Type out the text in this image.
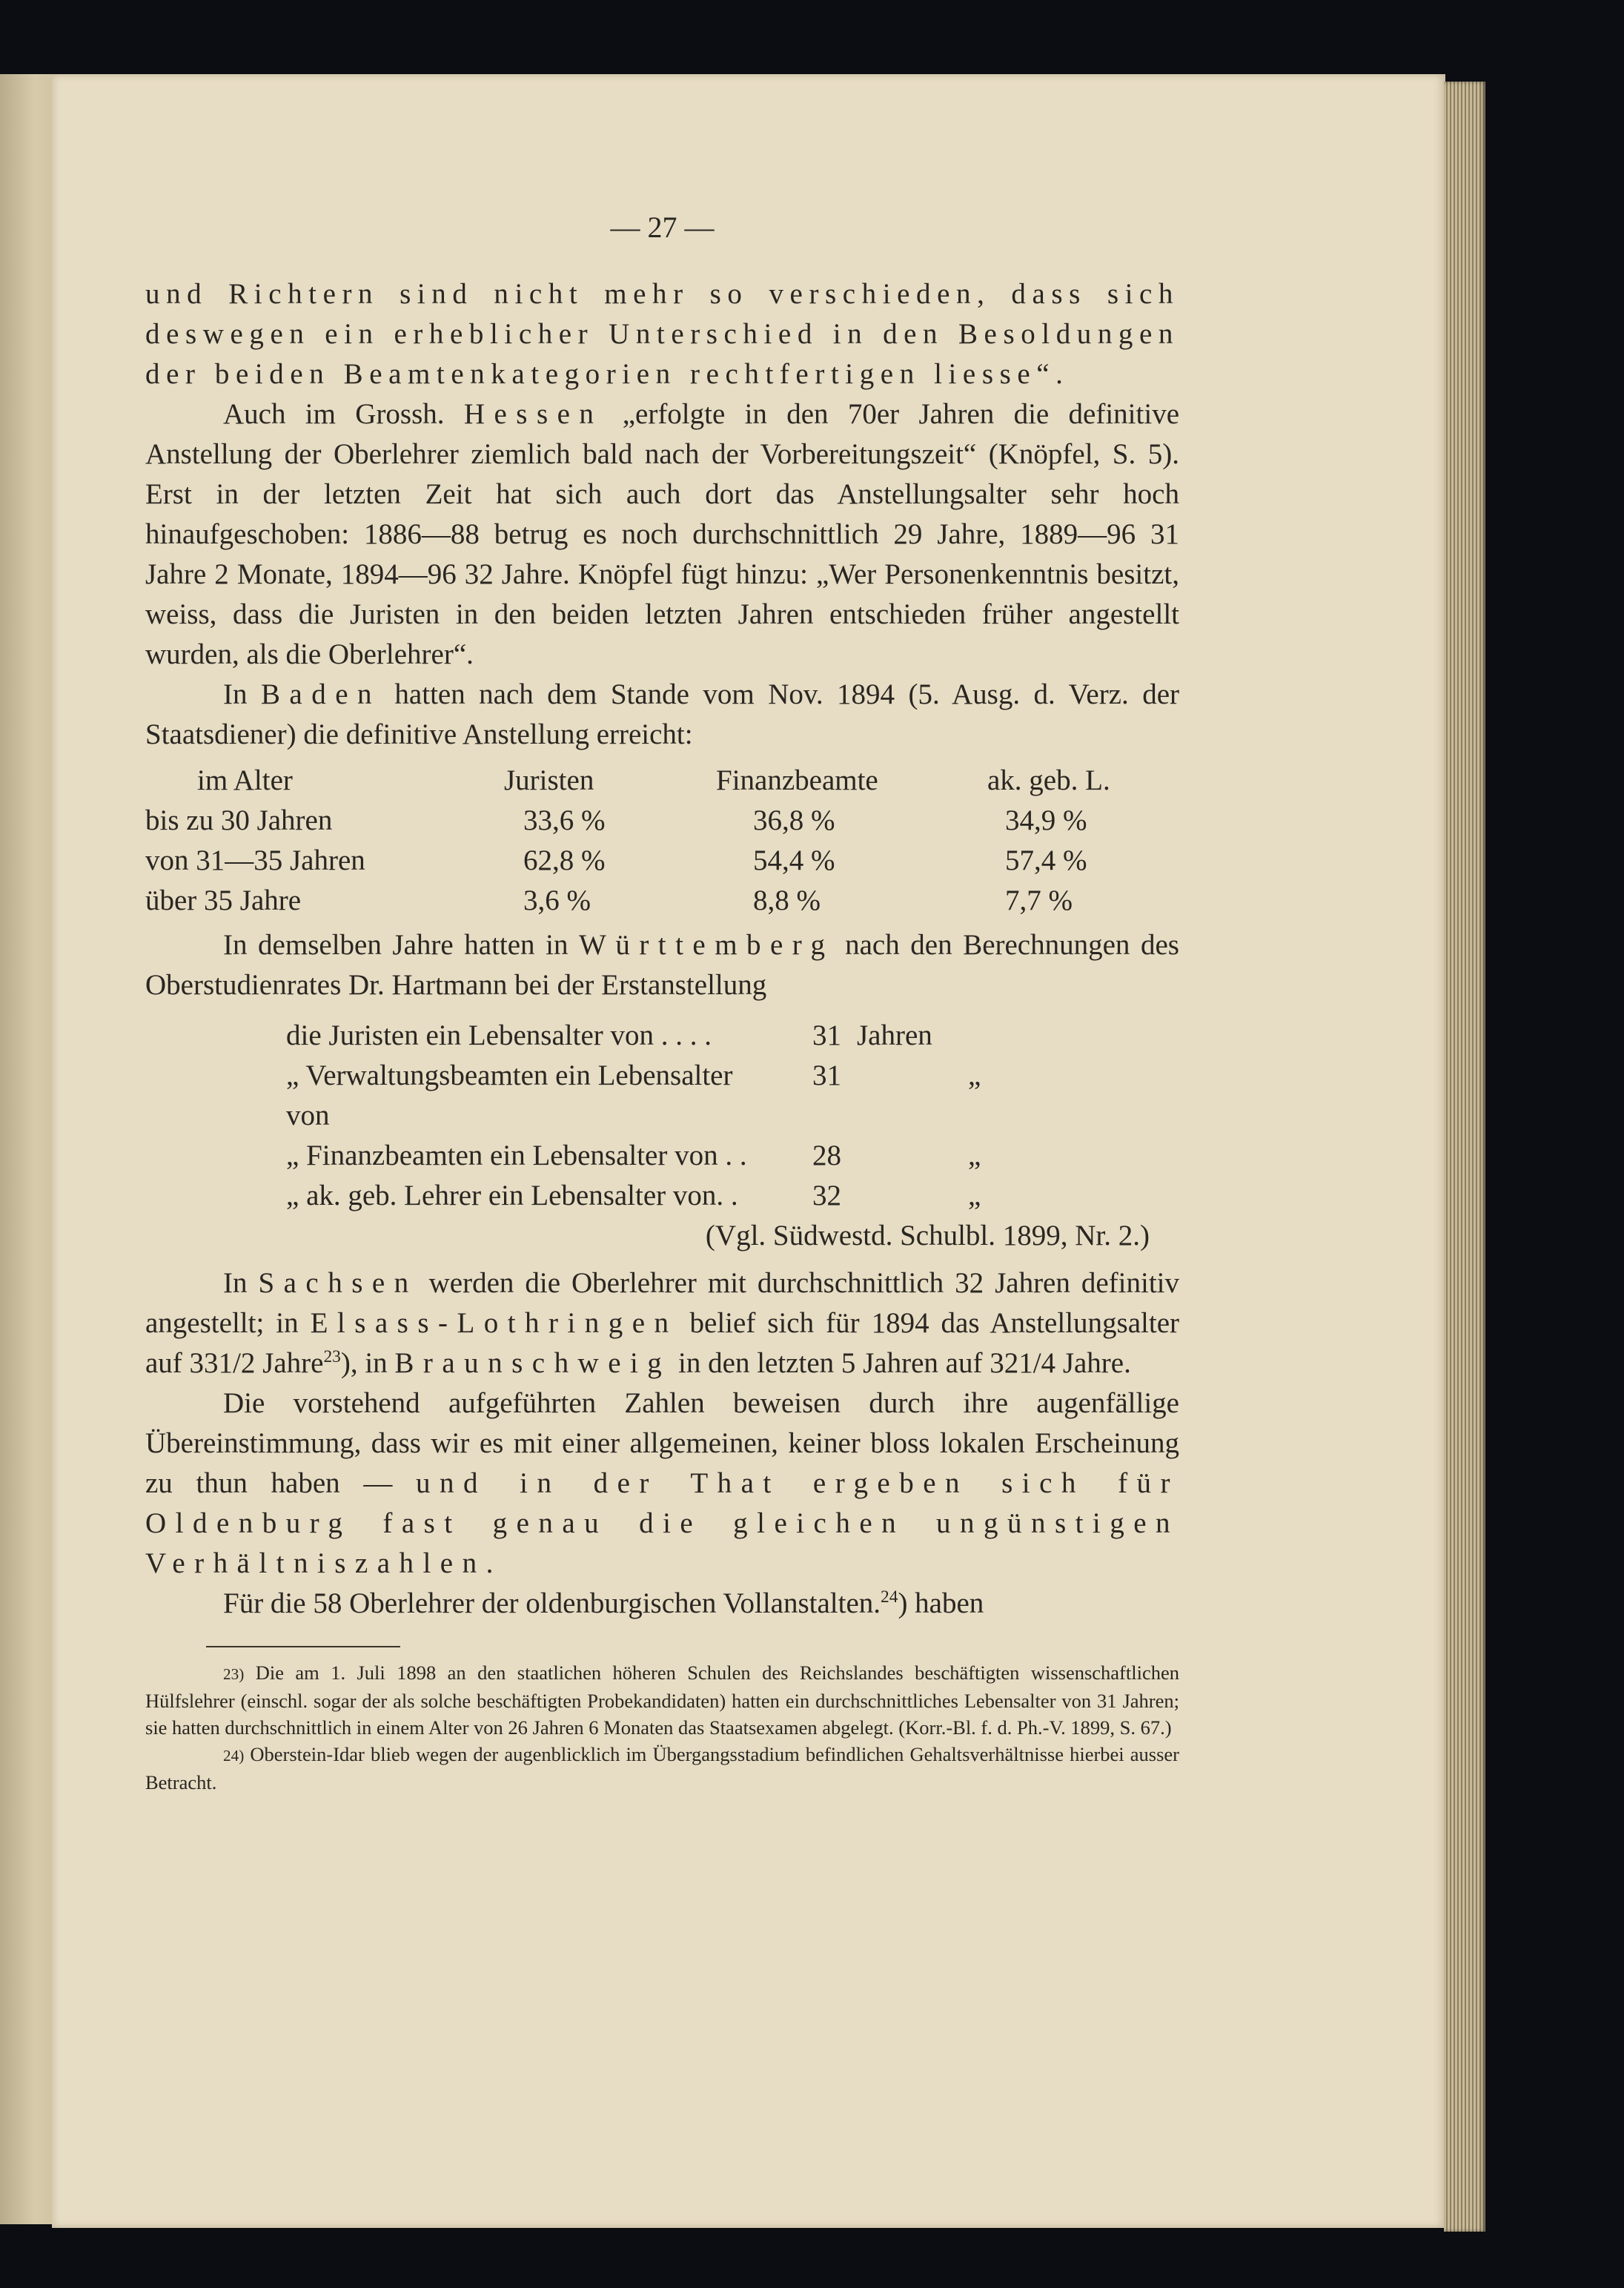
— 27 —

und Richtern sind nicht mehr so verschieden, dass sich deswegen ein erheblicher Unterschied in den Besoldungen der beiden Beamtenkategorien rechtfertigen liesse“.

Auch im Grossh. Hessen „erfolgte in den 70er Jahren die definitive Anstellung der Oberlehrer ziemlich bald nach der Vorbereitungszeit“ (Knöpfel, S. 5). Erst in der letzten Zeit hat sich auch dort das Anstellungsalter sehr hoch hinaufgeschoben: 1886—88 betrug es noch durchschnittlich 29 Jahre, 1889—96 31 Jahre 2 Monate, 1894—96 32 Jahre. Knöpfel fügt hinzu: „Wer Personenkenntnis besitzt, weiss, dass die Juristen in den beiden letzten Jahren entschieden früher angestellt wurden, als die Oberlehrer“.

In Baden hatten nach dem Stande vom Nov. 1894 (5. Ausg. d. Verz. der Staatsdiener) die definitive Anstellung erreicht:

im Alter	Juristen	Finanzbeamte	ak. geb. L.
bis zu 30 Jahren	33,6 %	36,8 %	34,9 %
von 31—35 Jahren	62,8 %	54,4 %	57,4 %
über 35 Jahre	3,6 %	8,8 %	7,7 %

In demselben Jahre hatten in Württemberg nach den Berechnungen des Oberstudienrates Dr. Hartmann bei der Erstanstellung

die Juristen ein Lebensalter von . . . .	31 Jahren
„ Verwaltungsbeamten ein Lebensalter von
31	„
„ Finanzbeamten ein Lebensalter von . .	28	„
„ ak. geb. Lehrer ein Lebensalter von. .	32	„
(Vgl. Südwestd. Schulbl. 1899, Nr. 2.)

In Sachsen werden die Oberlehrer mit durchschnittlich 32 Jahren definitiv angestellt; in Elsass-Lothringen belief sich für 1894 das Anstellungsalter auf 331/2 Jahre$^{23}$), in Braunschweig in den letzten 5 Jahren auf 321/4 Jahre.

Die vorstehend aufgeführten Zahlen beweisen durch ihre augenfällige Übereinstimmung, dass wir es mit einer allgemeinen, keiner bloss lokalen Erscheinung zu thun haben — und in der That ergeben sich für Oldenburg fast genau die gleichen ungünstigen Verhältniszahlen.

Für die 58 Oberlehrer der oldenburgischen Vollanstalten.$^{24}$) haben

23) Die am 1. Juli 1898 an den staatlichen höheren Schulen des Reichslandes beschäftigten wissenschaftlichen Hülfslehrer (einschl. sogar der als solche beschäftigten Probekandidaten) hatten ein durchschnittliches Lebensalter von 31 Jahren; sie hatten durchschnittlich in einem Alter von 26 Jahren 6 Monaten das Staatsexamen abgelegt. (Korr.-Bl. f. d. Ph.-V. 1899, S. 67.)

24) Oberstein-Idar blieb wegen der augenblicklich im Übergangsstadium befindlichen Gehaltsverhältnisse hierbei ausser Betracht.
